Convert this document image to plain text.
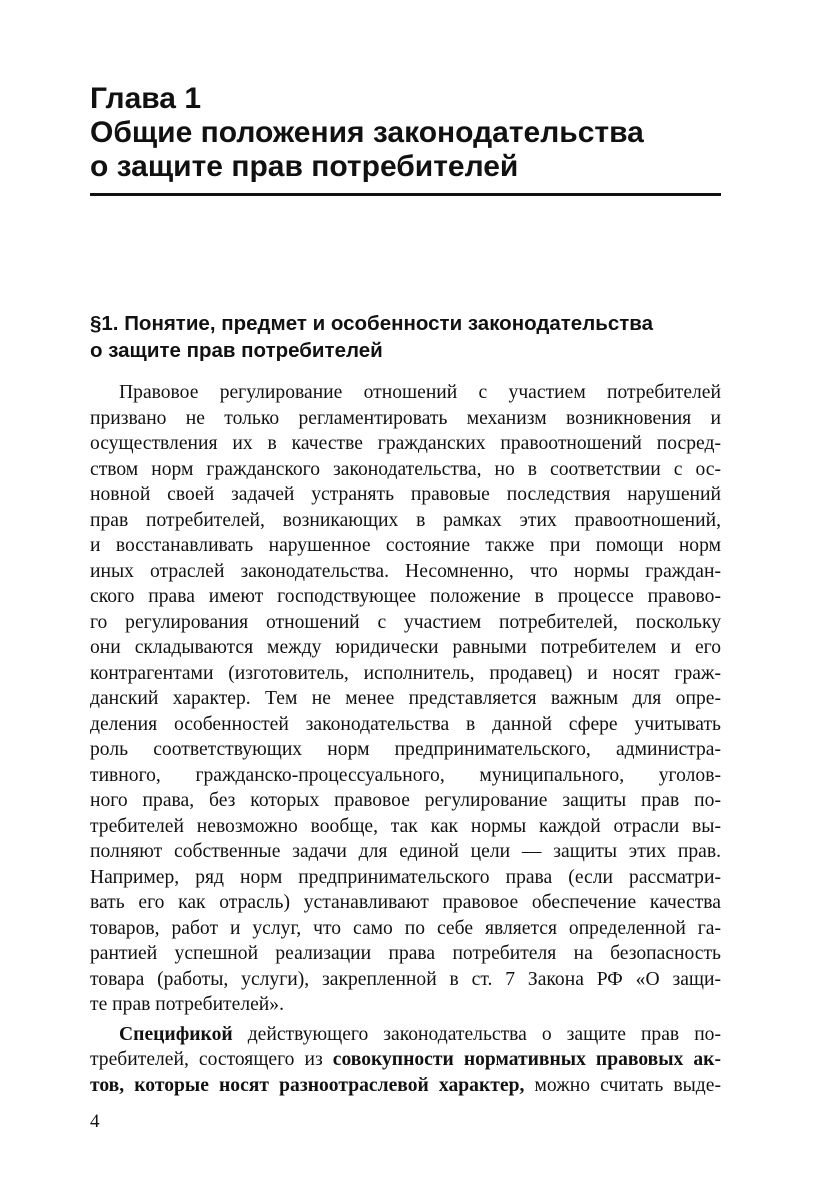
Глава 1
Общие положения законодательства
о защите прав потребителей
§1. Понятие, предмет и особенности законодательства
о защите прав потребителей
Правовое регулирование отношений с участием потребителей
призвано не только регламентировать механизм возникновения и
осуществления их в качестве гражданских правоотношений посред-
ством норм гражданского законодательства, но в соответствии с ос-
новной своей задачей устранять правовые последствия нарушений
прав потребителей, возникающих в рамках этих правоотношений,
и восстанавливать нарушенное состояние также при помощи норм
иных отраслей законодательства. Несомненно, что нормы граждан-
ского права имеют господствующее положение в процессе правово-
го регулирования отношений с участием потребителей, поскольку
они складываются между юридически равными потребителем и его
контрагентами (изготовитель, исполнитель, продавец) и носят граж-
данский характер. Тем не менее представляется важным для опре-
деления особенностей законодательства в данной сфере учитывать
роль соответствующих норм предпринимательского, администра-
тивного, гражданско-процессуального, муниципального, уголов-
ного права, без которых правовое регулирование защиты прав по-
требителей невозможно вообще, так как нормы каждой отрасли вы-
полняют собственные задачи для единой цели — защиты этих прав.
Например, ряд норм предпринимательского права (если рассматри-
вать его как отрасль) устанавливают правовое обеспечение качества
товаров, работ и услуг, что само по себе является определенной га-
рантией успешной реализации права потребителя на безопасность
товара (работы, услуги), закрепленной в ст. 7 Закона РФ «О защи-
те прав потребителей».
Спецификой действующего законодательства о защите прав по-
требителей, состоящего из совокупности нормативных правовых ак-
тов, которые носят разноотраслевой характер, можно считать выде-
4
